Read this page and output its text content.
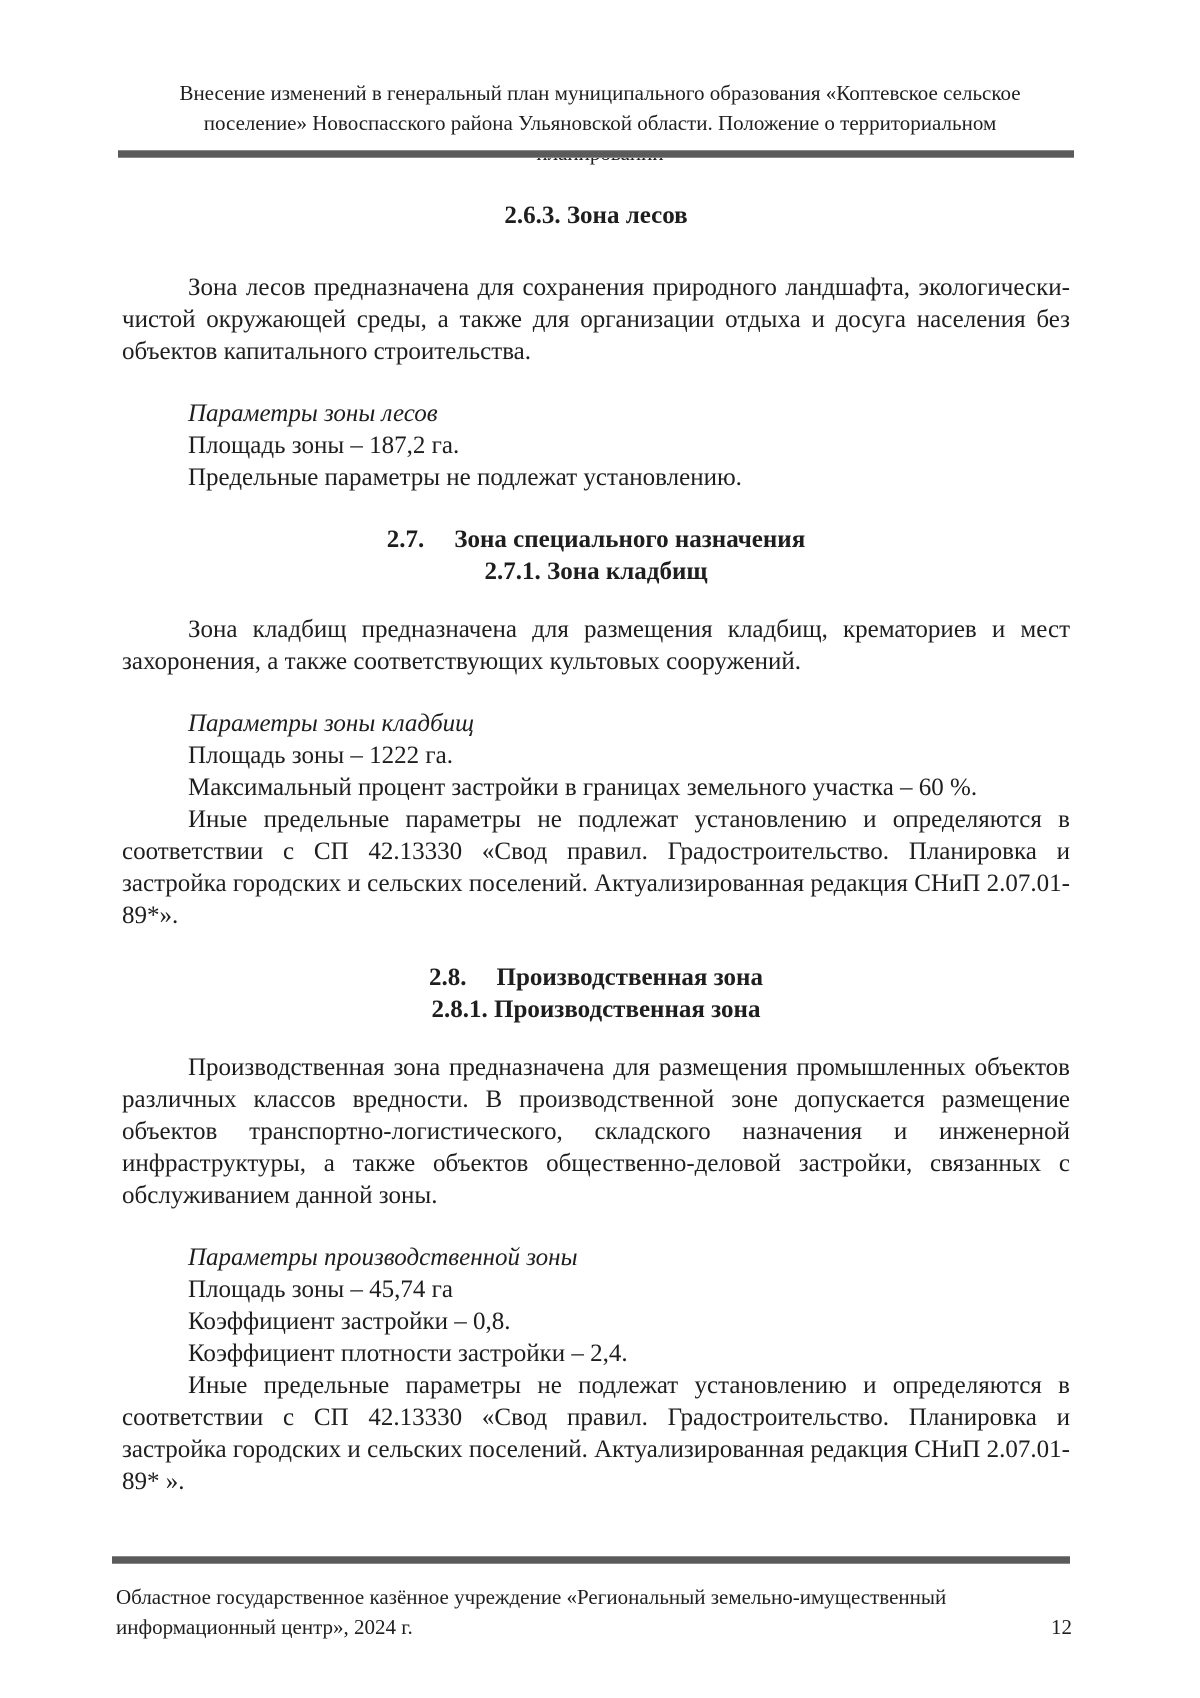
Внесение изменений в генеральный план муниципального образования «Коптевское сельское поселение» Новоспасского района Ульяновской области. Положение о территориальном

2.6.3. Зона лесов

Зона лесов предназначена для сохранения природного ландшафта, экологически-чистой окружающей среды, а также для организации отдыха и досуга населения без объектов капитального строительства.

Параметры зоны лесов

Площадь зоны – 187,2 га.

Предельные параметры не подлежат установлению.

2.7. Зона специального назначения

2.7.1. Зона кладбищ

Зона кладбищ предназначена для размещения кладбищ, крематориев и мест захоронения, а также соответствующих культовых сооружений.

Параметры зоны кладбищ

Площадь зоны – 1222 га.

Максимальный процент застройки в границах земельного участка – 60 %.

Иные предельные параметры не подлежат установлению и определяются в соответствии с СП 42.13330 «Свод правил. Градостроительство. Планировка и застройка городских и сельских поселений. Актуализированная редакция СНиП 2.07.01-89*».

2.8. Производственная зона

2.8.1. Производственная зона

Производственная зона предназначена для размещения промышленных объектов различных классов вредности. В производственной зоне допускается размещение объектов транспортно-логистического, складского назначения и инженерной инфраструктуры, а также объектов общественно-деловой застройки, связанных с обслуживанием данной зоны.

Параметры производственной зоны

Площадь зоны – 45,74 га

Коэффициент застройки – 0,8.

Коэффициент плотности застройки – 2,4.

Иные предельные параметры не подлежат установлению и определяются в соответствии с СП 42.13330 «Свод правил. Градостроительство. Планировка и застройка городских и сельских поселений. Актуализированная редакция СНиП 2.07.01-89* ».

Областное государственное казённое учреждение «Региональный земельно-имущественный информационный центр», 2024 г.	12
